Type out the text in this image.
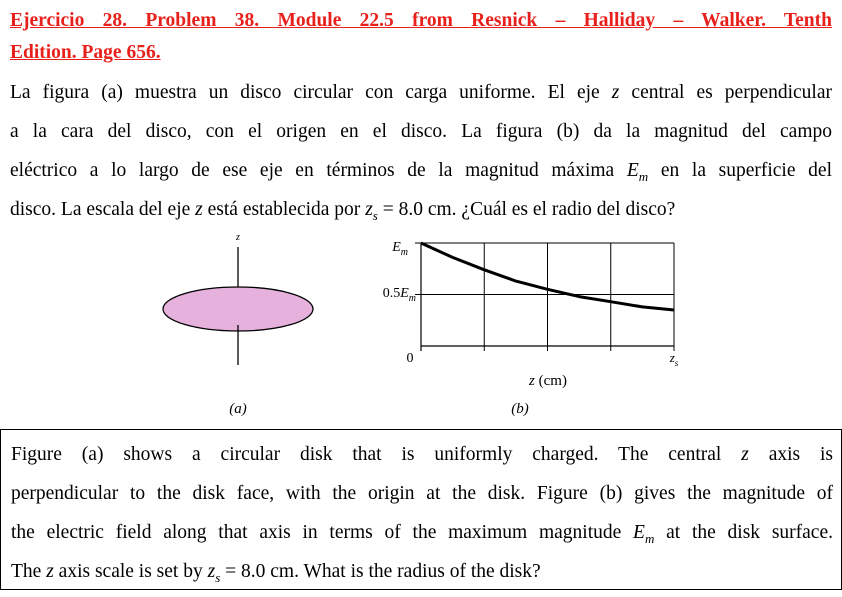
Ejercicio 28. Problem 38. Module 22.5 from Resnick – Halliday – Walker. Tenth
Edition. Page 656.
La figura (a) muestra un disco circular con carga uniforme. El eje z central es perpendicular
a la cara del disco, con el origen en el disco. La figura (b) da la magnitud del campo
eléctrico a lo largo de ese eje en términos de la magnitud máxima $E_m$ en la superficie del
disco. La escala del eje z está establecida por $z_s = 8.0$ cm. ¿Cuál es el radio del disco?
z
(a)
$E_m$
$0.5E_m$
0	$z_s$
z (cm)
(b)
Figure (a) shows a circular disk that is uniformly charged. The central z axis is
perpendicular to the disk face, with the origin at the disk. Figure (b) gives the magnitude of
the electric field along that axis in terms of the maximum magnitude $E_m$ at the disk surface.
The z axis scale is set by $z_s = 8.0$ cm. What is the radius of the disk?
